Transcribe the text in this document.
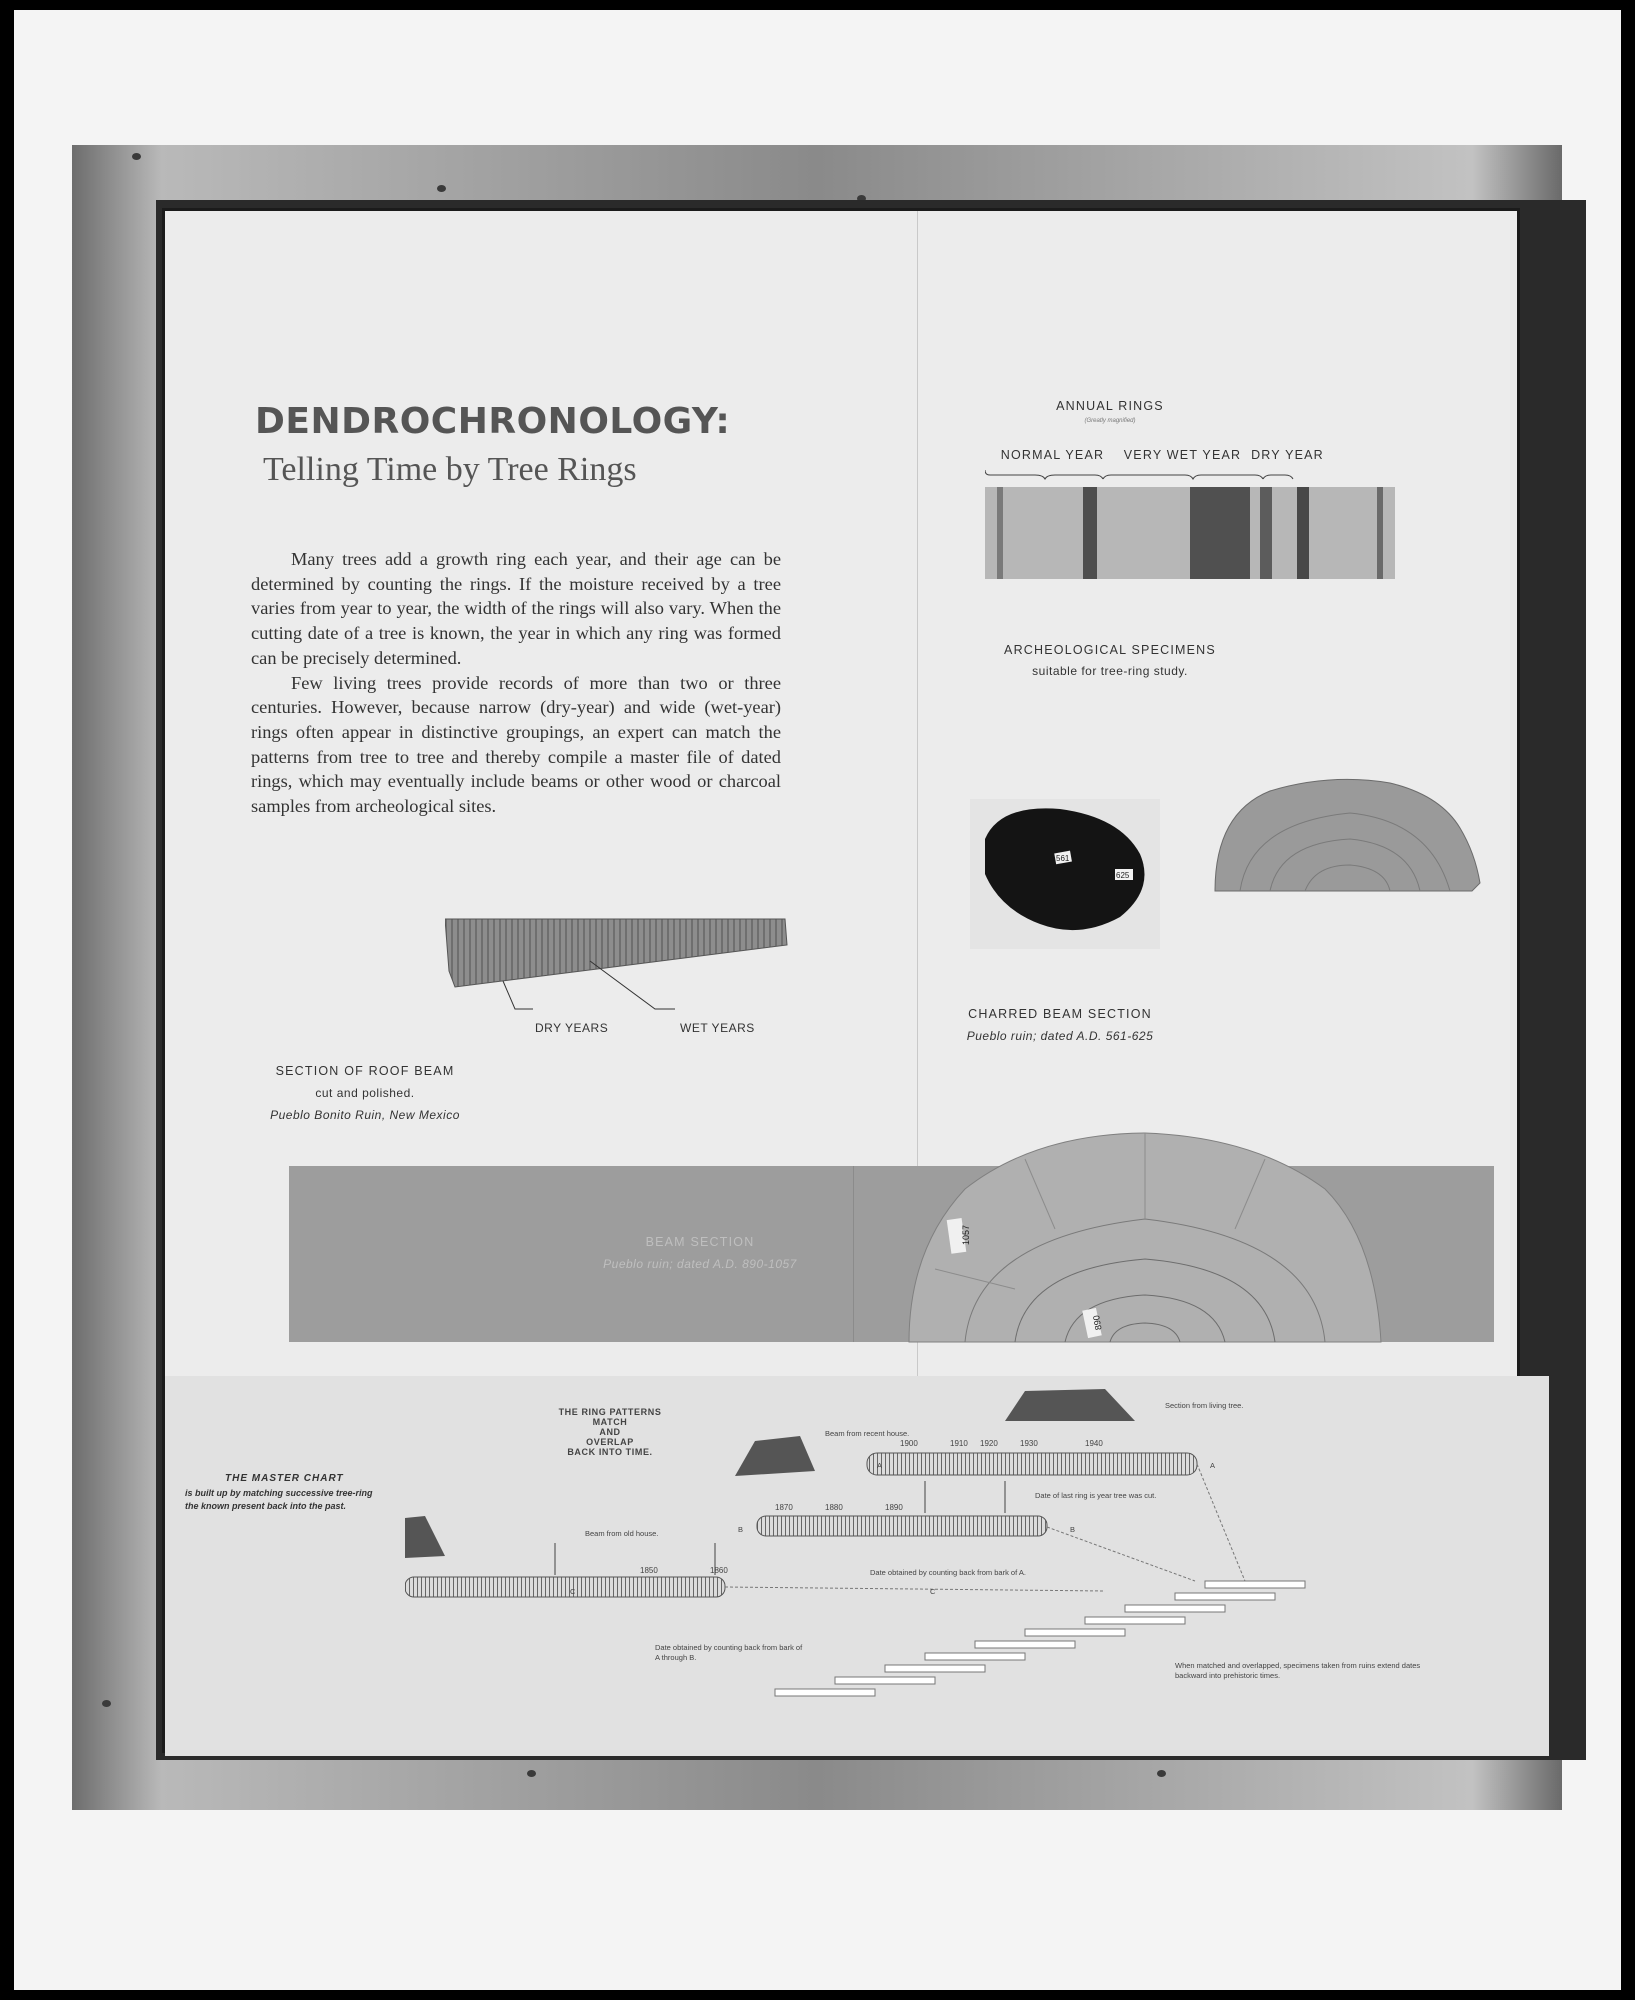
DENDROCHRONOLOGY:
Telling Time by Tree Rings

Many trees add a growth ring each year, and their age can be determined by counting the rings. If the moisture received by a tree varies from year to year, the width of the rings will also vary. When the cutting date of a tree is known, the year in which any ring was formed can be precisely determined.

Few living trees provide records of more than two or three centuries. However, because narrow (dry-year) and wide (wet-year) rings often appear in distinctive groupings, an expert can match the patterns from tree to tree and thereby compile a master file of dated rings, which may eventually include beams or other wood or charcoal samples from archeological sites.

DRY YEARS	WET YEARS
SECTION OF ROOF BEAM
cut and polished.
Pueblo Bonito Ruin, New Mexico
ANNUAL RINGS
(Greatly magnified)
NORMAL YEAR	VERY WET YEAR DRY YEAR
ARCHEOLOGICAL SPECIMENS
suitable for tree-ring study.
561
625
CHARRED BEAM SECTION
Pueblo ruin; dated A.D. 561-625
BEAM SECTION
Pueblo ruin; dated A.D. 890-1057
1057
890
THE MASTER CHART
is built up by matching successive tree-ring
the known present back into the past.
THE RING PATTERNS
MATCH
AND
OVERLAP
BACK INTO TIME.
Section from living tree.
Beam from recent house.
Beam from old house.
Date of last ring is year tree was cut.
Date obtained by counting back from bark of A.
Date obtained by counting back from bark of
A through B.
When matched and overlapped, specimens taken from ruins extend dates backward into prehistoric times.
1900	1910 1920	1930	1940
1870	1880	1890
1850	1860
A	A
B	B
C	C
